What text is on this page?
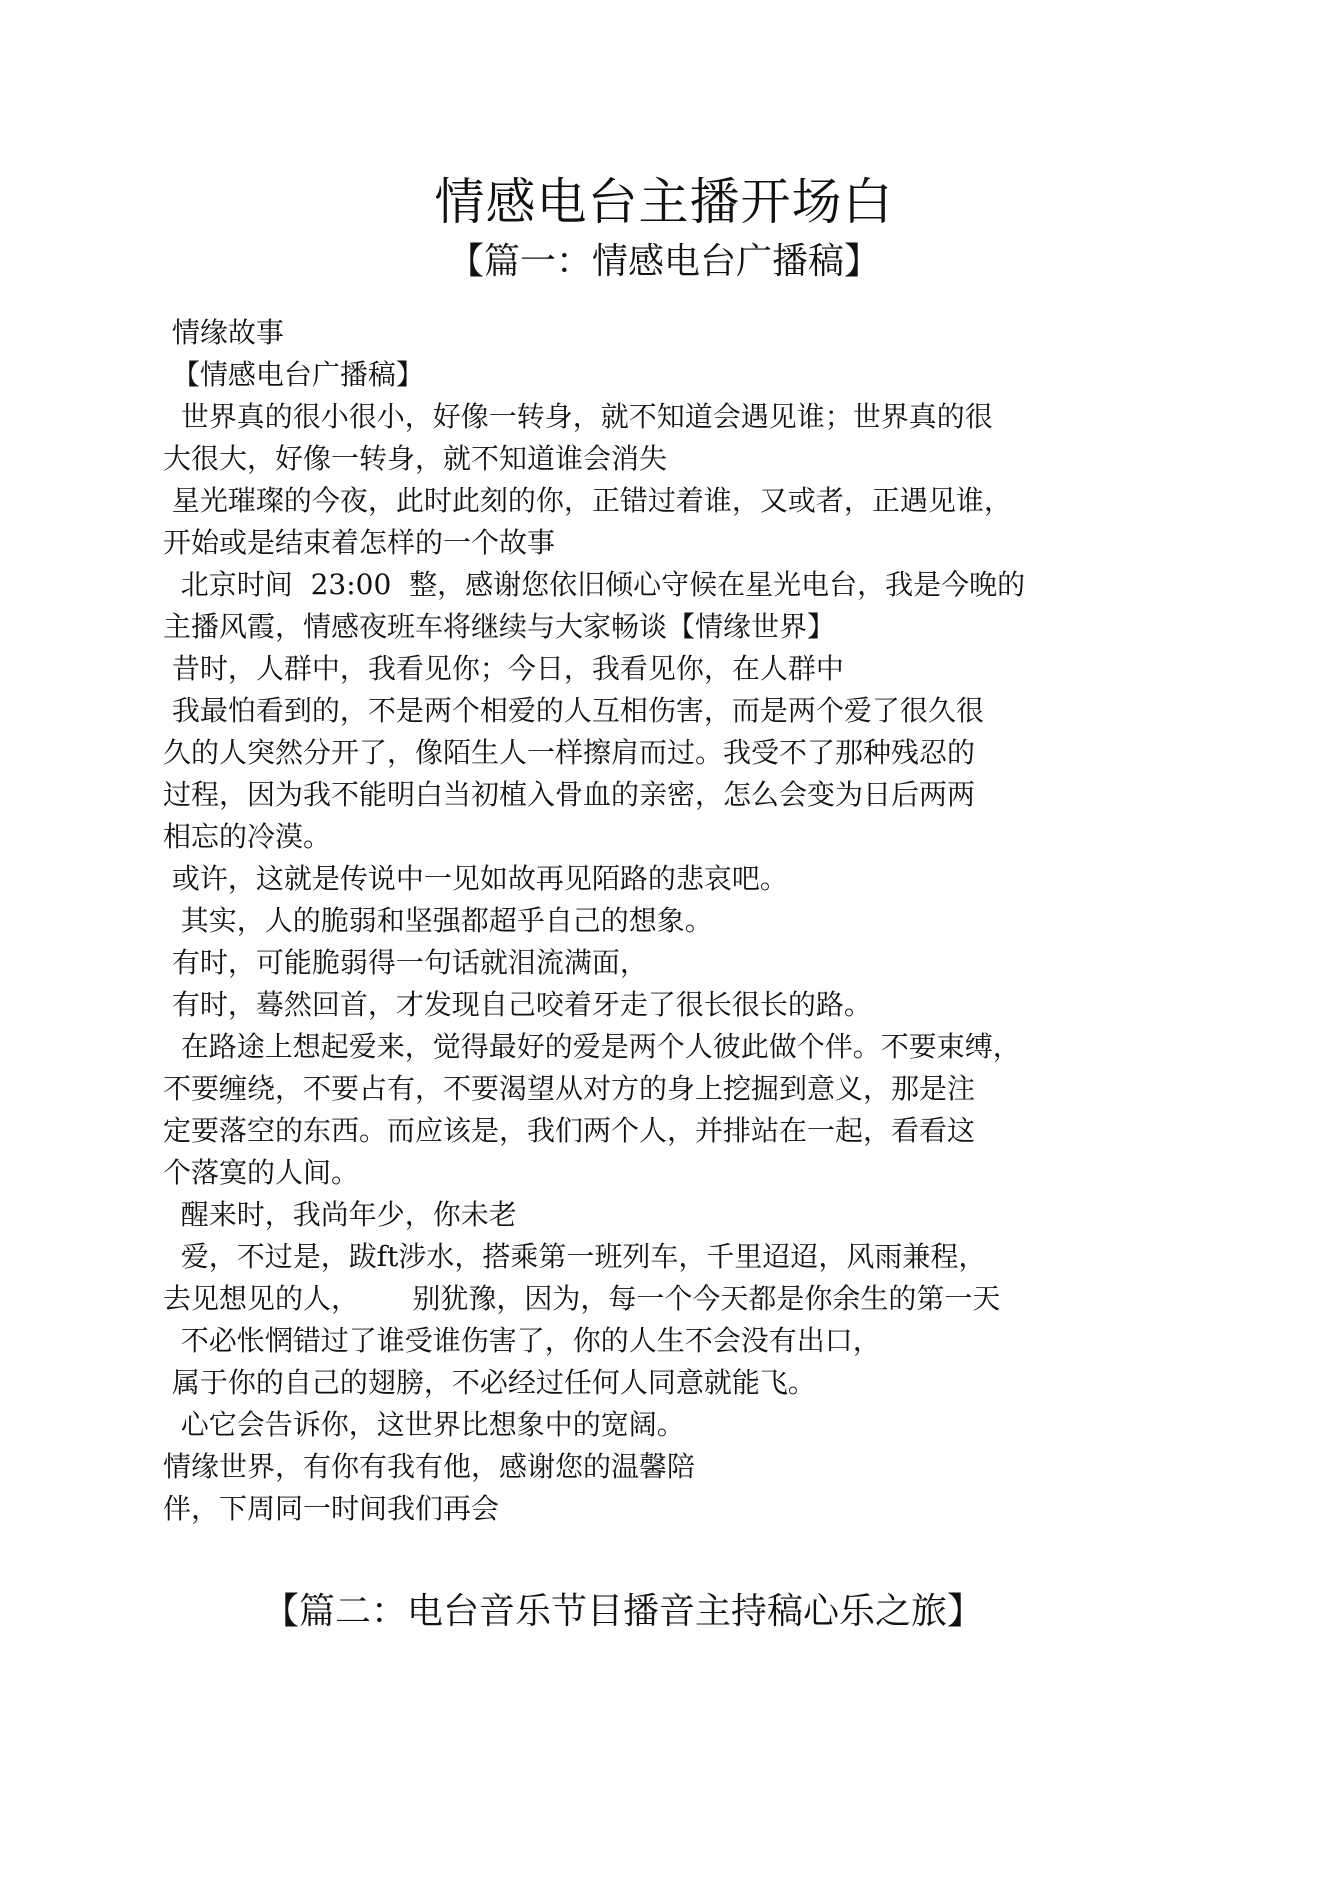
情感电台主播开场白
【篇一：情感电台广播稿】

情缘故事

【情感电台广播稿】

世界真的很小很小，好像一转身，就不知道会遇见谁；世界真的很

大很大，好像一转身，就不知道谁会消失

星光璀璨的今夜，此时此刻的你，正错过着谁，又或者，正遇见谁，

开始或是结束着怎样的一个故事

北京时间  23:00  整，感谢您依旧倾心守候在星光电台，我是今晚的

主播风霞，情感夜班车将继续与大家畅谈【情缘世界】

昔时，人群中，我看见你；今日，我看见你，在人群中

我最怕看到的，不是两个相爱的人互相伤害，而是两个爱了很久很

久的人突然分开了，像陌生人一样擦肩而过。我受不了那种残忍的

过程，因为我不能明白当初植入骨血的亲密，怎么会变为日后两两

相忘的冷漠。

或许，这就是传说中一见如故再见陌路的悲哀吧。

其实，人的脆弱和坚强都超乎自己的想象。

有时，可能脆弱得一句话就泪流满面，

有时，蓦然回首，才发现自己咬着牙走了很长很长的路。

在路途上想起爱来，觉得最好的爱是两个人彼此做个伴。不要束缚，

不要缠绕，不要占有，不要渴望从对方的身上挖掘到意义，那是注

定要落空的东西。而应该是，我们两个人，并排站在一起，看看这

个落寞的人间。

醒来时，我尚年少，你未老

爱，不过是，跋ft涉水，搭乘第一班列车，千里迢迢，风雨兼程，

去见想见的人，      别犹豫，因为，每一个今天都是你余生的第一天

不必怅惘错过了谁受谁伤害了，你的人生不会没有出口，

属于你的自己的翅膀，不必经过任何人同意就能飞。

心它会告诉你，这世界比想象中的宽阔。

情缘世界，有你有我有他，感谢您的温馨陪

伴，下周同一时间我们再会

【篇二：电台音乐节目播音主持稿心乐之旅】
